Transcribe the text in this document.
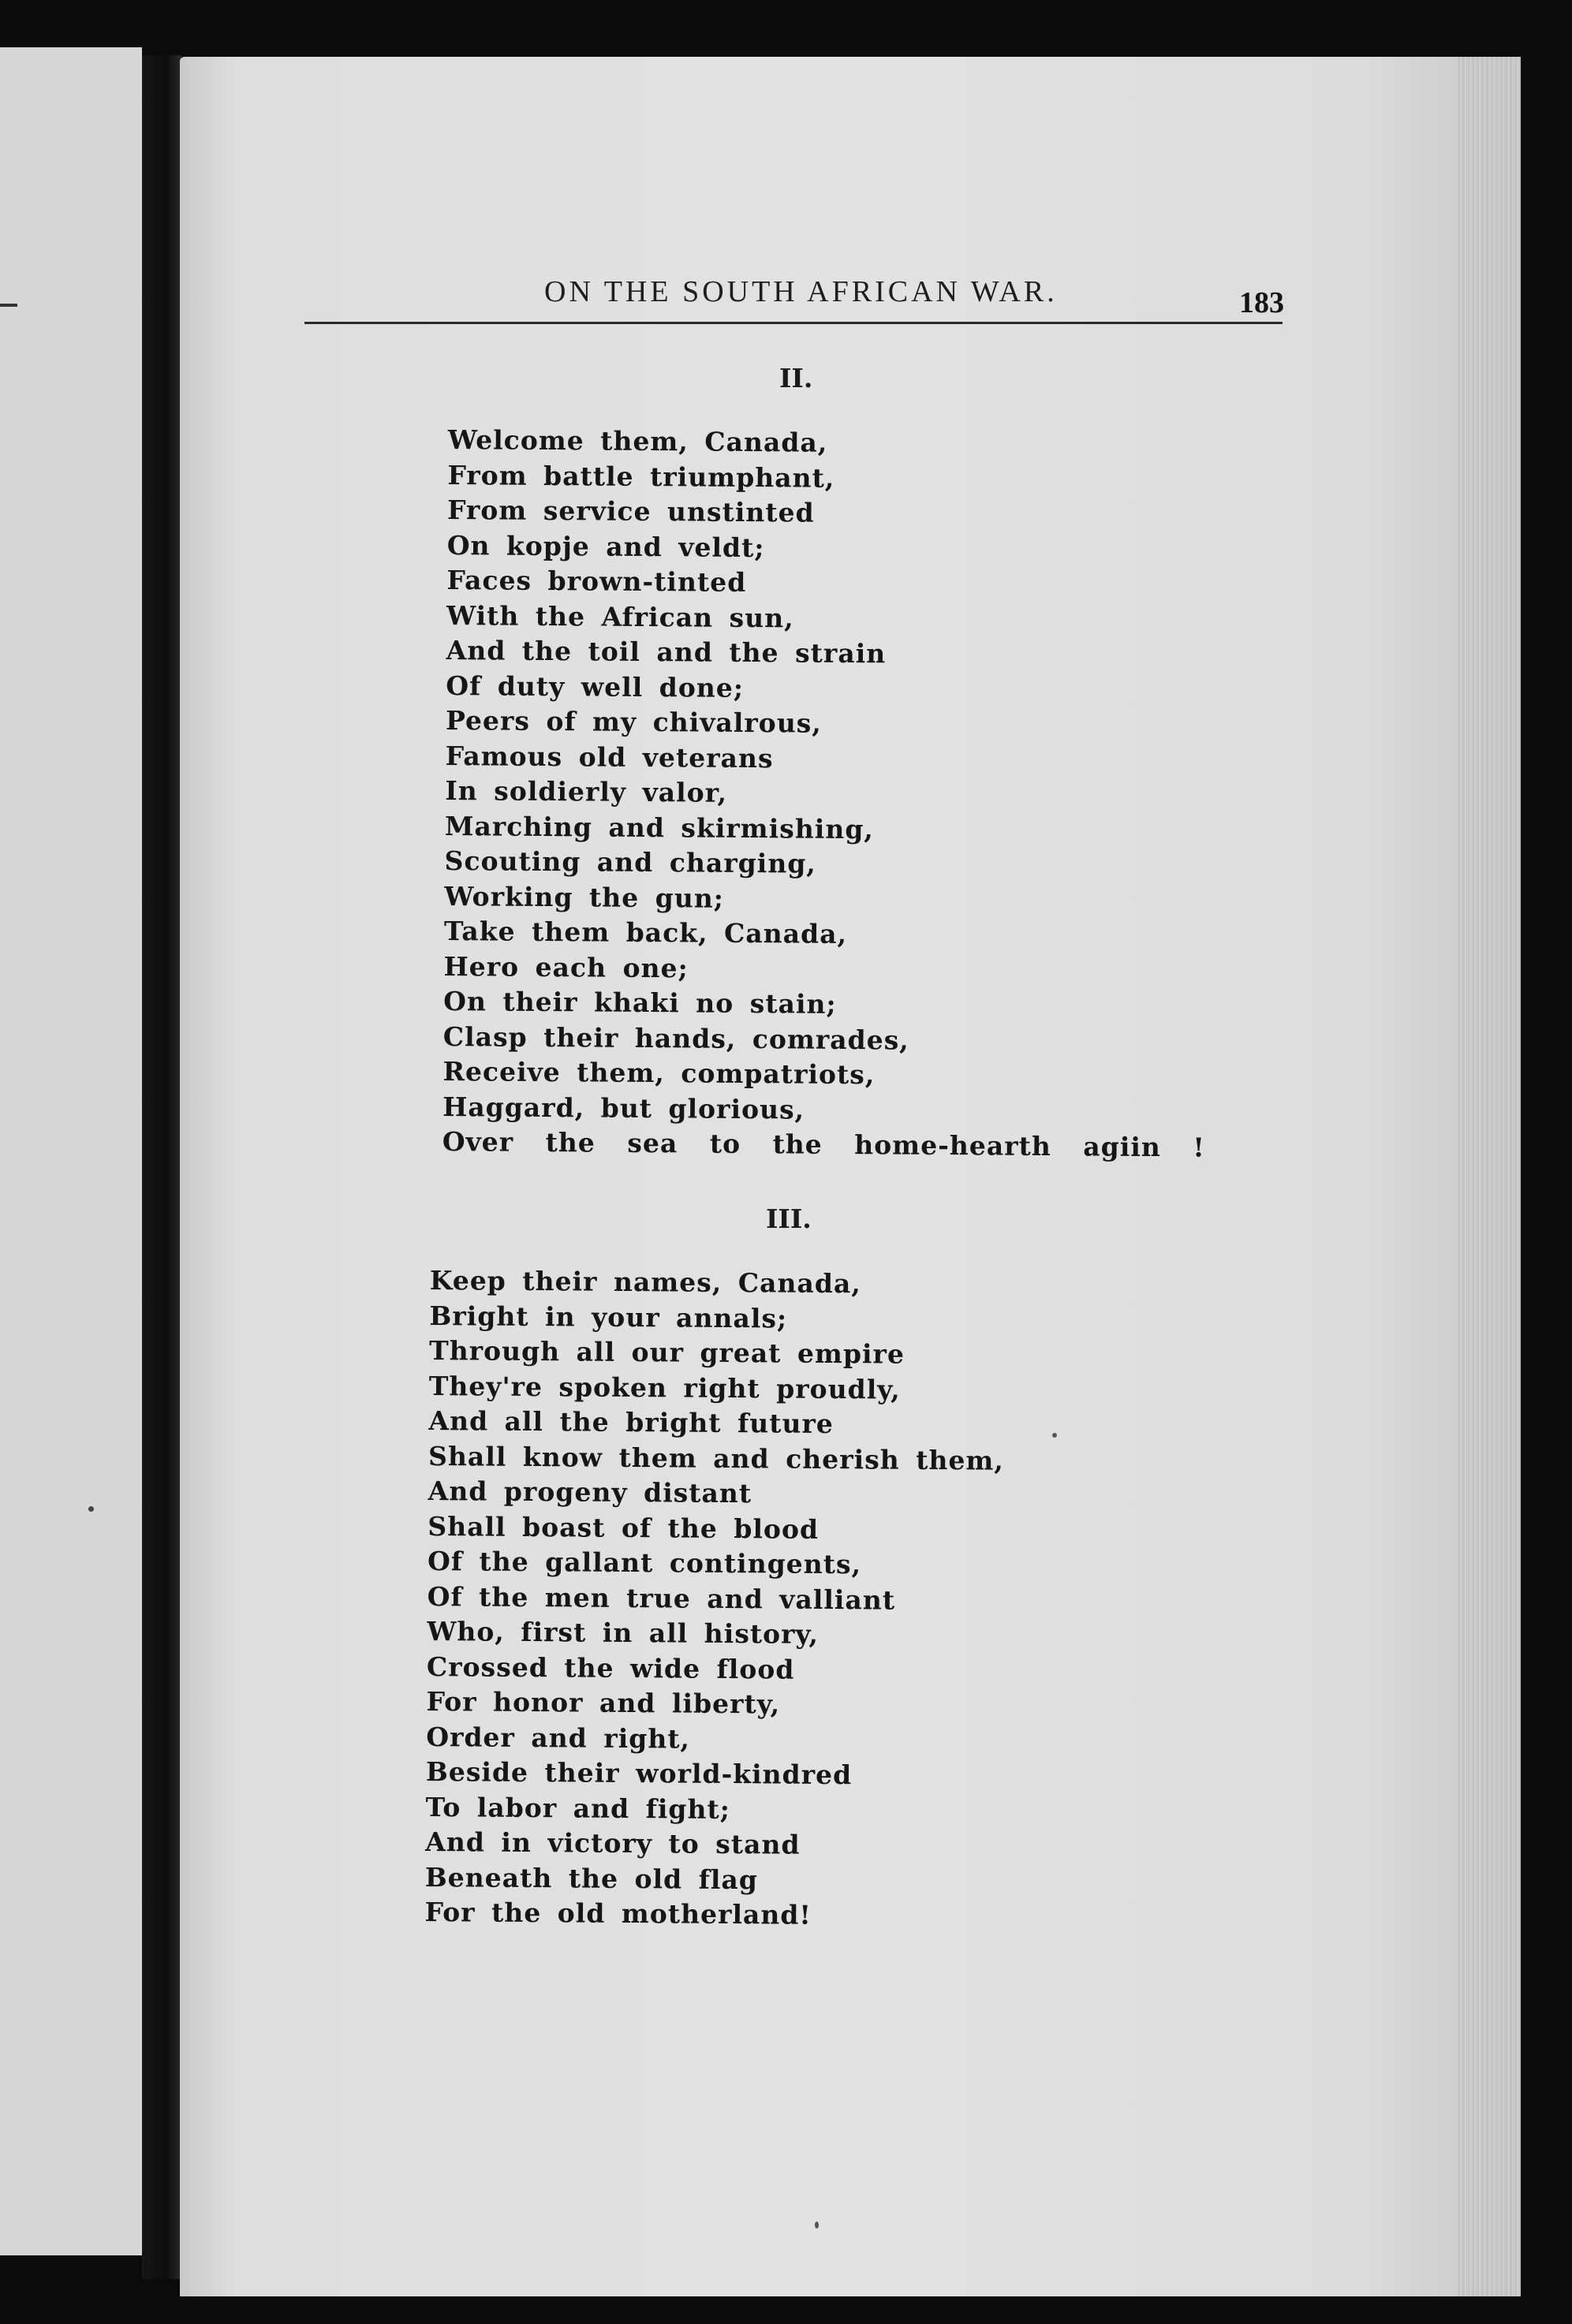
ON THE SOUTH AFRICAN WAR.	183
II.
Welcome them, Canada,
From battle triumphant,
From service unstinted
On kopje and veldt;
Faces brown-tinted
With the African sun,
And the toil and the strain
Of duty well done;
Peers of my chivalrous,
Famous old veterans
In soldierly valor,
Marching and skirmishing,
Scouting and charging,
Working the gun;
Take them back, Canada,
Hero each one;
On their khaki no stain;
Clasp their hands, comrades,
Receive them, compatriots,
Haggard, but glorious,
Over the sea to the home-hearth agiin !
III.
Keep their names, Canada,
Bright in your annals;
Through all our great empire
They're spoken right proudly,
And all the bright future
Shall know them and cherish them,
And progeny distant
Shall boast of the blood
Of the gallant contingents,
Of the men true and valliant
Who, first in all history,
Crossed the wide flood
For honor and liberty,
Order and right,
Beside their world-kindred
To labor and fight;
And in victory to stand
Beneath the old flag
For the old motherland!
